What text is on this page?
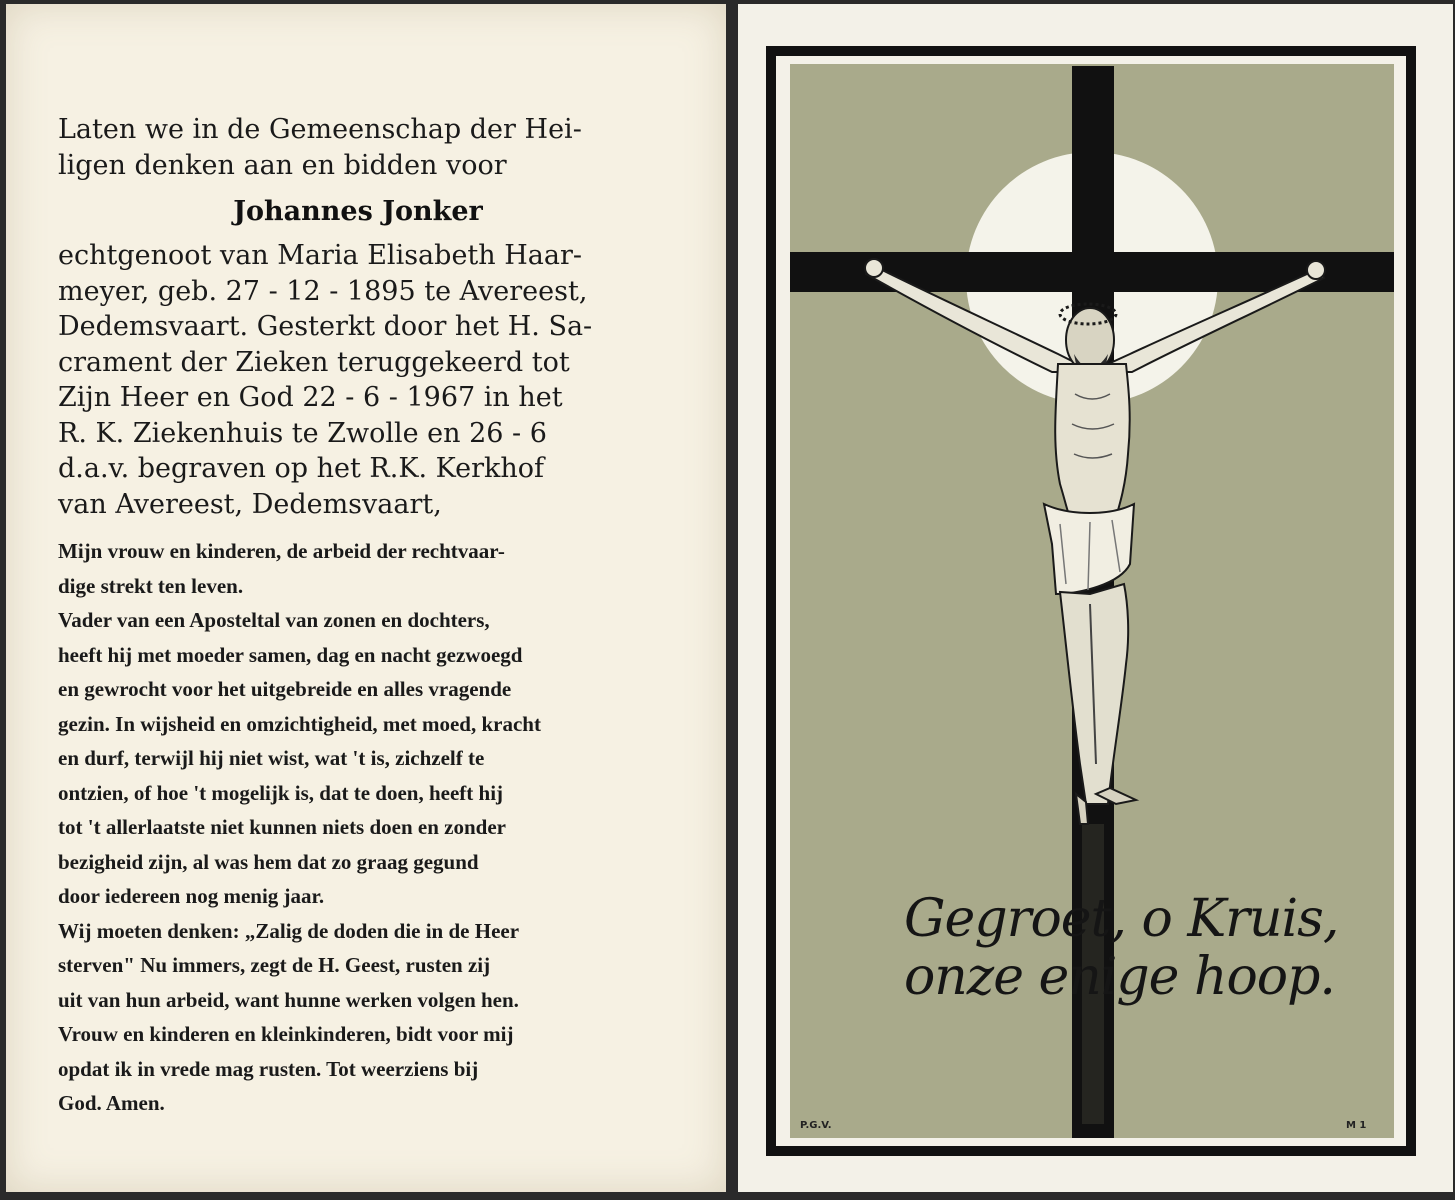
Laten we in de Gemeenschap der Hei-
ligen denken aan en bidden voor
Johannes Jonker
echtgenoot van Maria Elisabeth Haar-
meyer, geb. 27 - 12 - 1895 te Avereest,
Dedemsvaart. Gesterkt door het H. Sa-
crament der Zieken teruggekeerd tot
Zijn Heer en God 22 - 6 - 1967 in het
R. K. Ziekenhuis te Zwolle en 26 - 6
d.a.v. begraven op het R.K. Kerkhof
van Avereest, Dedemsvaart,

Mijn vrouw en kinderen, de arbeid der rechtvaar-

dige strekt ten leven.

Vader van een Aposteltal van zonen en dochters,

heeft hij met moeder samen, dag en nacht gezwoegd

en gewrocht voor het uitgebreide en alles vragende

gezin. In wijsheid en omzichtigheid, met moed, kracht

en durf, terwijl hij niet wist, wat 't is, zichzelf te

ontzien, of hoe 't mogelijk is, dat te doen, heeft hij

tot 't allerlaatste niet kunnen niets doen en zonder

bezigheid zijn, al was hem dat zo graag gegund

door iedereen nog menig jaar.

Wij moeten denken: „Zalig de doden die in de Heer

sterven" Nu immers, zegt de H. Geest, rusten zij

uit van hun arbeid, want hunne werken volgen hen.

Vrouw en kinderen en kleinkinderen, bidt voor mij

opdat ik in vrede mag rusten. Tot weerziens bij

God. Amen.

Gegroet, o Kruis,
onze enige hoop.
P.G.V.	M 1
